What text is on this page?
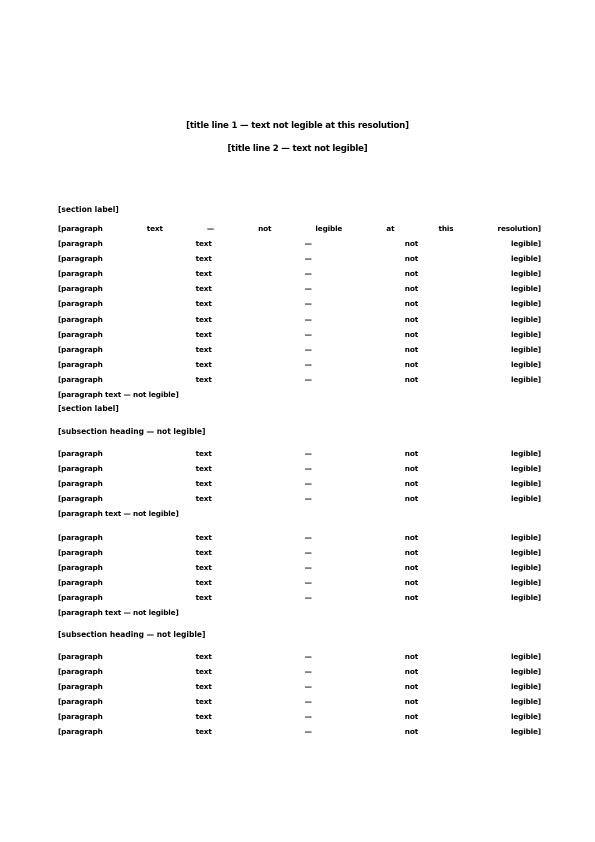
[title line 1 — text not legible at this resolution]
[title line 2 — text not legible]
[section label]
[paragraph text — not legible at this resolution]
[paragraph text — not legible]
[paragraph text — not legible]
[paragraph text — not legible]
[paragraph text — not legible]
[paragraph text — not legible]
[paragraph text — not legible]
[paragraph text — not legible]
[paragraph text — not legible]
[paragraph text — not legible]
[paragraph text — not legible]
[paragraph text — not legible]
[section label]
[subsection heading — not legible]
[paragraph text — not legible]
[paragraph text — not legible]
[paragraph text — not legible]
[paragraph text — not legible]
[paragraph text — not legible]
[paragraph text — not legible]
[paragraph text — not legible]
[paragraph text — not legible]
[paragraph text — not legible]
[paragraph text — not legible]
[paragraph text — not legible]
[subsection heading — not legible]
[paragraph text — not legible]
[paragraph text — not legible]
[paragraph text — not legible]
[paragraph text — not legible]
[paragraph text — not legible]
[paragraph text — not legible]
